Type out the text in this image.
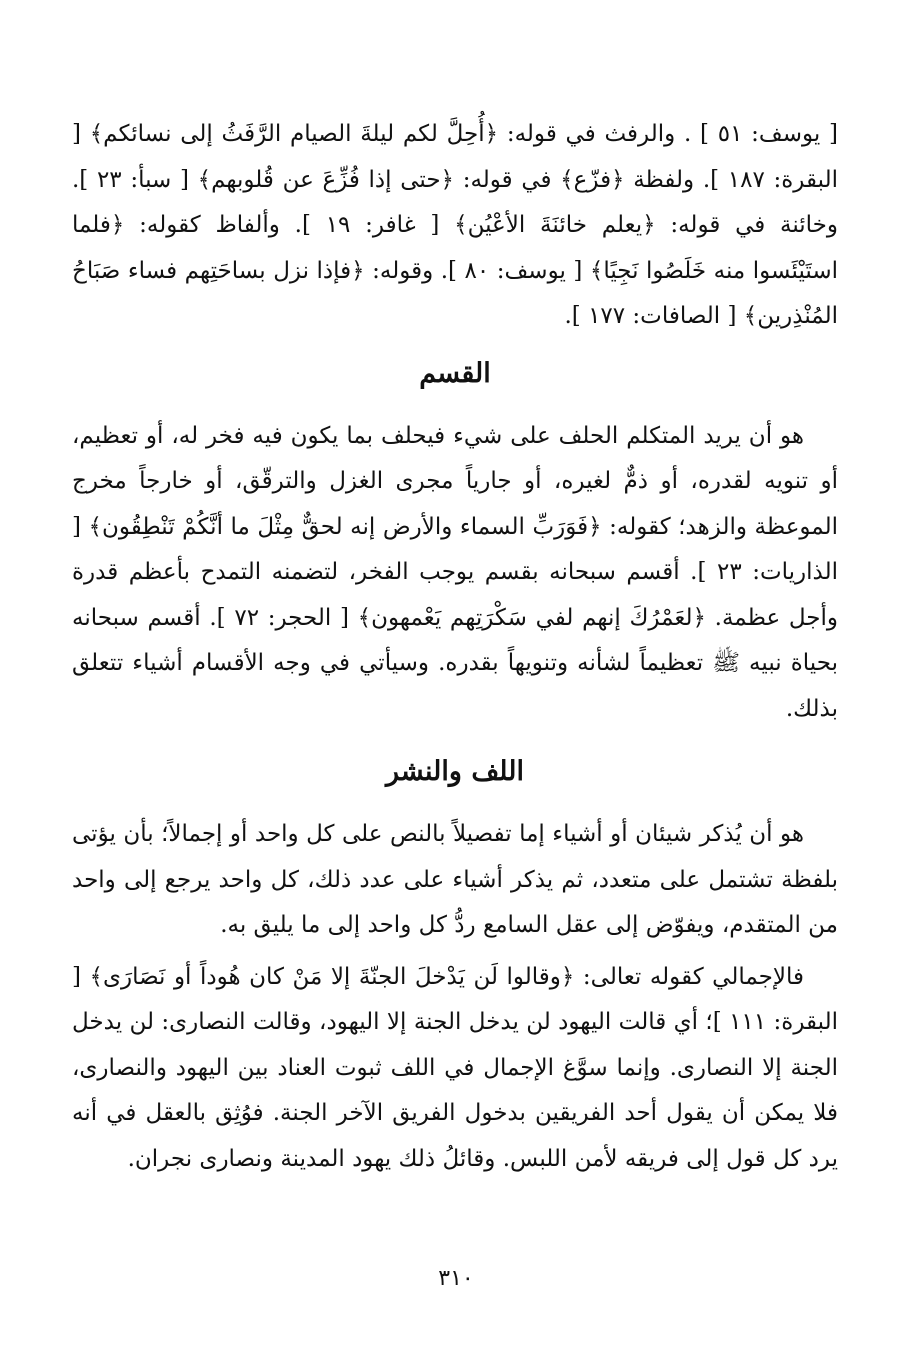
[ يوسف: ٥١ ] . والرفث في قوله: ﴿أُحِلَّ لكم ليلةَ الصيام الرَّفَثُ إلى نسائكم﴾ [ البقرة: ١٨٧ ]. ولفظة ﴿فزّع﴾ في قوله: ﴿حتى إذا فُزِّعَ عن قُلوبهم﴾ [ سبأ: ٢٣ ]. وخائنة في قوله: ﴿يعلم خائنَةَ الأعْيُن﴾ [ غافر: ١٩ ]. وألفاظ كقوله: ﴿فلما استَيْئَسوا منه خَلَصُوا نَجِيًا﴾ [ يوسف: ٨٠ ]. وقوله: ﴿فإذا نزل بساحَتِهم فساء صَبَاحُ المُنْذِرين﴾ [ الصافات: ١٧٧ ].

القسم

هو أن يريد المتكلم الحلف على شيء فيحلف بما يكون فيه فخر له، أو تعظيم، أو تنويه لقدره، أو ذمٌّ لغيره، أو جارياً مجرى الغزل والترقّق، أو خارجاً مخرج الموعظة والزهد؛ كقوله: ﴿فَوَرَبِّ السماء والأرض إنه لحقٌّ مِثْلَ ما أنَّكُمْ تَنْطِقُون﴾ [ الذاريات: ٢٣ ]. أقسم سبحانه بقسم يوجب الفخر، لتضمنه التمدح بأعظم قدرة وأجل عظمة. ﴿لعَمْرُكَ إنهم لفي سَكْرَتِهم يَعْمهون﴾ [ الحجر: ٧٢ ]. أقسم سبحانه بحياة نبيه ﷺ تعظيماً لشأنه وتنويهاً بقدره. وسيأتي في وجه الأقسام أشياء تتعلق بذلك.

اللف والنشر

هو أن يُذكر شيئان أو أشياء إما تفصيلاً بالنص على كل واحد أو إجمالاً؛ بأن يؤتى بلفظة تشتمل على متعدد، ثم يذكر أشياء على عدد ذلك، كل واحد يرجع إلى واحد من المتقدم، ويفوّض إلى عقل السامع ردُّ كل واحد إلى ما يليق به.

فالإجمالي كقوله تعالى: ﴿وقالوا لَن يَدْخلَ الجنّةَ إلا مَنْ كان هُوداً أو نَصَارَى﴾ [ البقرة: ١١١ ]؛ أي قالت اليهود لن يدخل الجنة إلا اليهود، وقالت النصارى: لن يدخل الجنة إلا النصارى. وإنما سوَّغ الإجمال في اللف ثبوت العناد بين اليهود والنصارى، فلا يمكن أن يقول أحد الفريقين بدخول الفريق الآخر الجنة. فوُثِق بالعقل في أنه يرد كل قول إلى فريقه لأمن اللبس. وقائلُ ذلك يهود المدينة ونصارى نجران.

٣١٠
